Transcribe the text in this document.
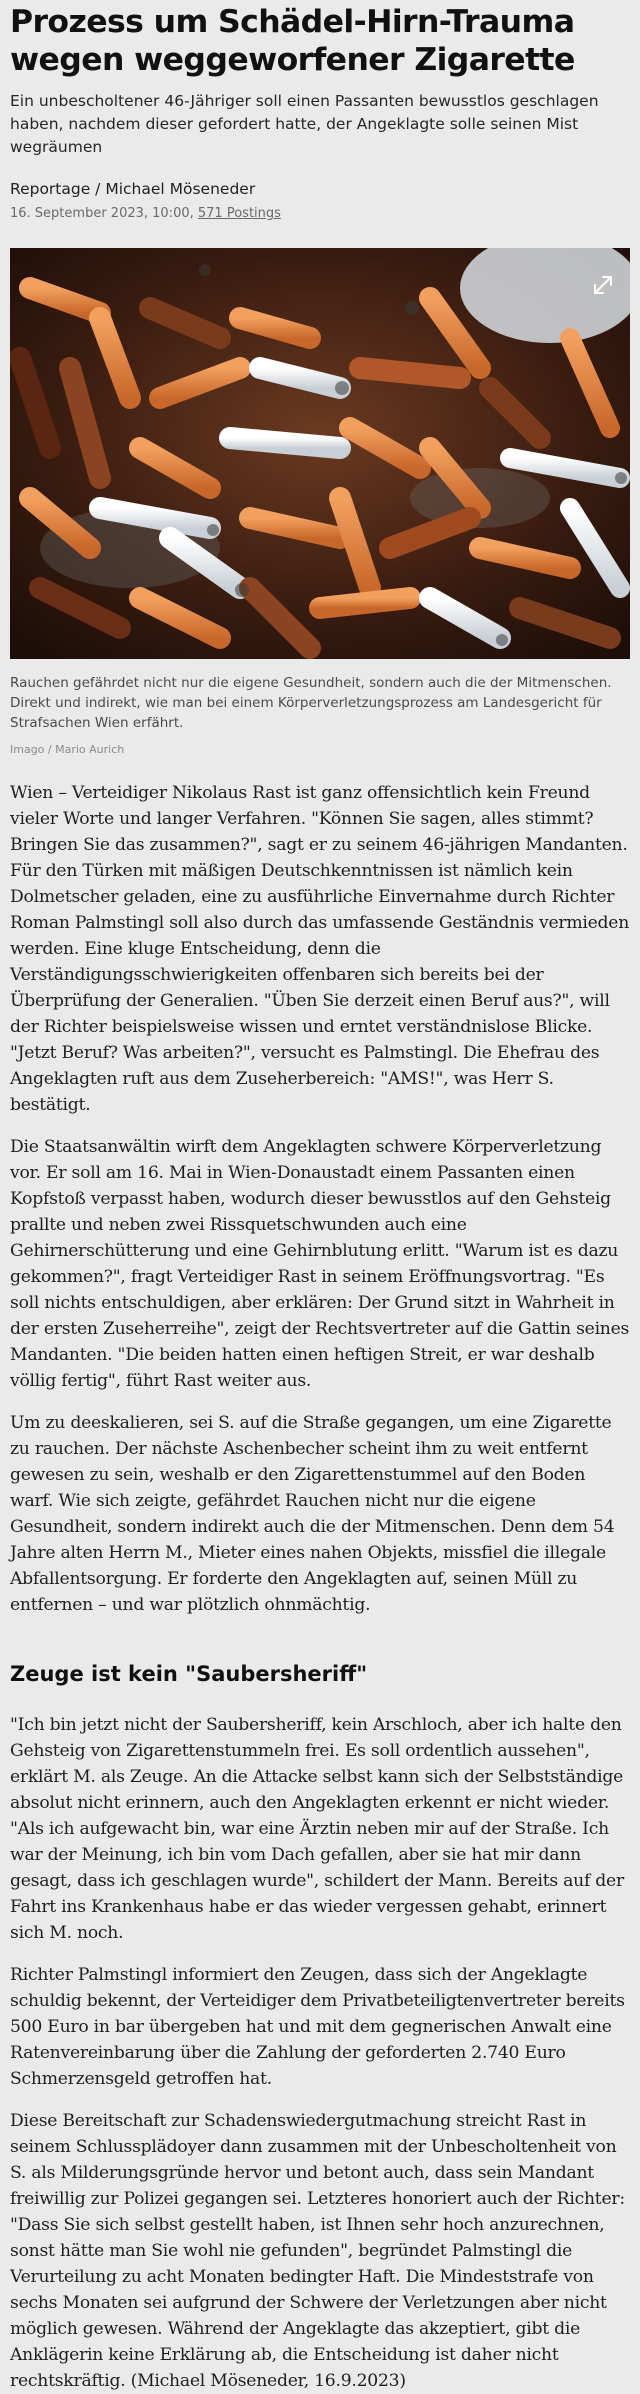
Prozess um Schädel-Hirn-Trauma wegen weggeworfener Zigarette

Ein unbescholtener 46-Jähriger soll einen Passanten bewusstlos geschlagen haben, nachdem dieser gefordert hatte, der Angeklagte solle seinen Mist wegräumen

Reportage / Michael Möseneder

16. September 2023, 10:00, 571 Postings

Rauchen gefährdet nicht nur die eigene Gesundheit, sondern auch die der Mitmenschen. Direkt und indirekt, wie man bei einem Körperverletzungsprozess am Landesgericht für Strafsachen Wien erfährt.

Imago / Mario Aurich

Wien – Verteidiger Nikolaus Rast ist ganz offensichtlich kein Freund vieler Worte und langer Verfahren. "Können Sie sagen, alles stimmt? Bringen Sie das zusammen?", sagt er zu seinem 46-jährigen Mandanten. Für den Türken mit mäßigen Deutschkenntnissen ist nämlich kein Dolmetscher geladen, eine zu ausführliche Einvernahme durch Richter Roman Palmstingl soll also durch das umfassende Geständnis vermieden werden. Eine kluge Entscheidung, denn die Verständigungsschwierigkeiten offenbaren sich bereits bei der Überprüfung der Generalien. "Üben Sie derzeit einen Beruf aus?", will der Richter beispielsweise wissen und erntet verständnislose Blicke. "Jetzt Beruf? Was arbeiten?", versucht es Palmstingl. Die Ehefrau des Angeklagten ruft aus dem Zuseherbereich: "AMS!", was Herr S. bestätigt.

Die Staatsanwältin wirft dem Angeklagten schwere Körperverletzung vor. Er soll am 16. Mai in Wien-Donaustadt einem Passanten einen Kopfstoß verpasst haben, wodurch dieser bewusstlos auf den Gehsteig prallte und neben zwei Rissquetschwunden auch eine Gehirnerschütterung und eine Gehirnblutung erlitt. "Warum ist es dazu gekommen?", fragt Verteidiger Rast in seinem Eröffnungsvortrag. "Es soll nichts entschuldigen, aber erklären: Der Grund sitzt in Wahrheit in der ersten Zuseherreihe", zeigt der Rechtsvertreter auf die Gattin seines Mandanten. "Die beiden hatten einen heftigen Streit, er war deshalb völlig fertig", führt Rast weiter aus.

Um zu deeskalieren, sei S. auf die Straße gegangen, um eine Zigarette zu rauchen. Der nächste Aschenbecher scheint ihm zu weit entfernt gewesen zu sein, weshalb er den Zigarettenstummel auf den Boden warf. Wie sich zeigte, gefährdet Rauchen nicht nur die eigene Gesundheit, sondern indirekt auch die der Mitmenschen. Denn dem 54 Jahre alten Herrn M., Mieter eines nahen Objekts, missfiel die illegale Abfallentsorgung. Er forderte den Angeklagten auf, seinen Müll zu entfernen – und war plötzlich ohnmächtig.

Zeuge ist kein "Saubersheriff"

"Ich bin jetzt nicht der Saubersheriff, kein Arschloch, aber ich halte den Gehsteig von Zigarettenstummeln frei. Es soll ordentlich aussehen", erklärt M. als Zeuge. An die Attacke selbst kann sich der Selbstständige absolut nicht erinnern, auch den Angeklagten erkennt er nicht wieder. "Als ich aufgewacht bin, war eine Ärztin neben mir auf der Straße. Ich war der Meinung, ich bin vom Dach gefallen, aber sie hat mir dann gesagt, dass ich geschlagen wurde", schildert der Mann. Bereits auf der Fahrt ins Krankenhaus habe er das wieder vergessen gehabt, erinnert sich M. noch.

Richter Palmstingl informiert den Zeugen, dass sich der Angeklagte schuldig bekennt, der Verteidiger dem Privatbeteiligtenvertreter bereits 500 Euro in bar übergeben hat und mit dem gegnerischen Anwalt eine Ratenvereinbarung über die Zahlung der geforderten 2.740 Euro Schmerzensgeld getroffen hat.

Diese Bereitschaft zur Schadenswiedergutmachung streicht Rast in seinem Schlussplädoyer dann zusammen mit der Unbescholtenheit von S. als Milderungsgründe hervor und betont auch, dass sein Mandant freiwillig zur Polizei gegangen sei. Letzteres honoriert auch der Richter: "Dass Sie sich selbst gestellt haben, ist Ihnen sehr hoch anzurechnen, sonst hätte man Sie wohl nie gefunden", begründet Palmstingl die Verurteilung zu acht Monaten bedingter Haft. Die Mindeststrafe von sechs Monaten sei aufgrund der Schwere der Verletzungen aber nicht möglich gewesen. Während der Angeklagte das akzeptiert, gibt die Anklägerin keine Erklärung ab, die Entscheidung ist daher nicht rechtskräftig. (Michael Möseneder, 16.9.2023)
